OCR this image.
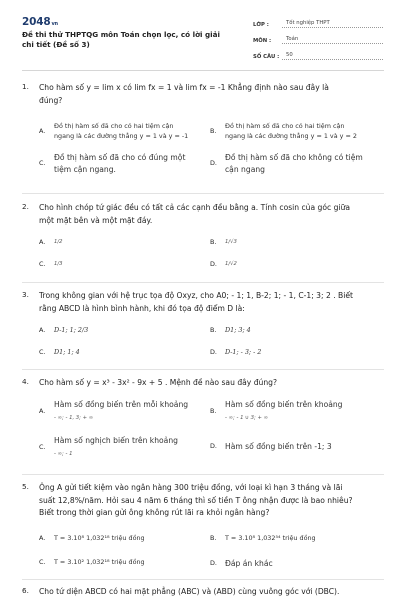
2048vn
Đề thi thử THPTQG môn Toán chọn lọc, có lời giải chi tiết (Đề số 3)
LỚP :	Tốt nghiệp THPT
MÔN :	Toán
SỐ CÂU :	50
1. Cho hàm số y = lim x có lim fx = 1 và lim fx = -1 Khẳng định nào sau đây là
đúng?
A.
Đồ thị hàm số đã cho có hai tiệm cận
ngang là các đường thẳng y = 1 và y = -1
B.
Đồ thị hàm số đã cho có hai tiệm cận
ngang là các đường thẳng y = 1 và y = 2
C.
Đồ thị hàm số đã cho có đúng một
tiệm cận ngang.
D.
Đồ thị hàm số đã cho không có tiệm
cận ngang
2. Cho hình chóp tứ giác đều có tất cả các cạnh đều bằng a. Tính cosin của góc giữa
một mặt bên và một mặt đáy.
A.	1/2	B.	1/√3
C.	1/3	D.	1/√2
3. Trong không gian với hệ trục tọa độ Oxyz, cho A0; - 1; 1, B-2; 1; - 1, C-1; 3; 2 . Biết
rằng ABCD là hình bình hành, khi đó tọa độ điểm D là:
A.	D-1; 1; 2/3	B.	D1; 3; 4
C.	D1; 1; 4	D.	D-1; - 3; - 2
4. Cho hàm số y = x³ - 3x² - 9x + 5 . Mệnh đề nào sau đây đúng?
A.
Hàm số đồng biến trên mỗi khoảng
- ∞; - 1, 3; + ∞
B.
Hàm số đồng biến trên khoảng
- ∞; - 1 ∪ 3; + ∞
C.
Hàm số nghịch biến trên khoảng
- ∞; - 1
D.	Hàm số đồng biến trên -1; 3
5. Ông A gửi tiết kiệm vào ngân hàng 300 triệu đồng, với loại kì hạn 3 tháng và lãi
suất 12,8%/năm. Hỏi sau 4 năm 6 tháng thì số tiền T ông nhận được là bao nhiêu?
Biết trong thời gian gửi ông không rút lãi ra khỏi ngân hàng?
A.	T = 3.10⁸ 1,032¹⁸ triệu đồng	B.	T = 3.10⁸ 1,032⁵⁴ triệu đồng
C.	T = 3.10² 1,032¹⁸ triệu đồng	D.	Đáp án khác
6. Cho tứ diện ABCD có hai mặt phẳng (ABC) và (ABD) cùng vuông góc với (DBC).
